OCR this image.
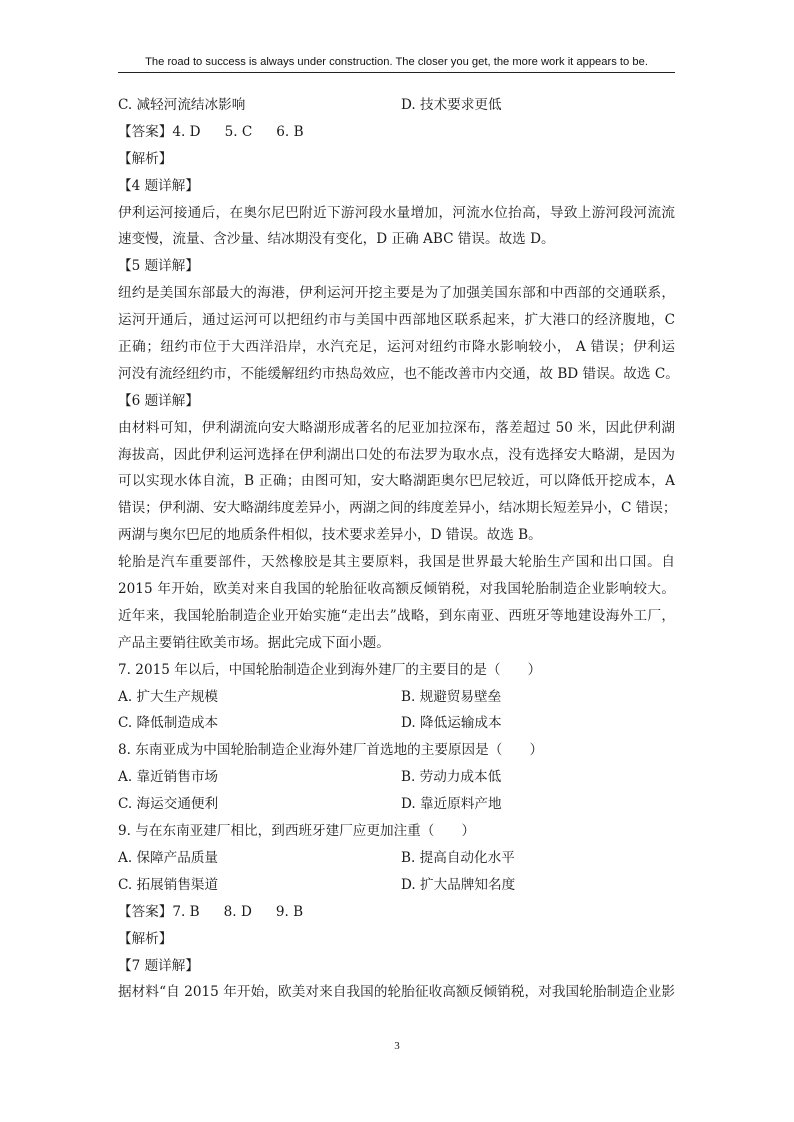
The road to success is always under construction. The closer you get, the more work it appears to be.
C. 减轻河流结冰影响	D. 技术要求更低
【答案】4. D 5. C 6. B
【解析】
【4 题详解】
伊利运河接通后，在奥尔尼巴附近下游河段水量增加，河流水位抬高，导致上游河段河流流
速变慢，流量、含沙量、结冰期没有变化，D 正确 ABC 错误。故选 D。
【5 题详解】
纽约是美国东部最大的海港，伊利运河开挖主要是为了加强美国东部和中西部的交通联系，
运河开通后，通过运河可以把纽约市与美国中西部地区联系起来，扩大港口的经济腹地，C
正确；纽约市位于大西洋沿岸，水汽充足，运河对纽约市降水影响较小， A 错误；伊利运
河没有流经纽约市，不能缓解纽约市热岛效应，也不能改善市内交通，故 BD 错误。故选 C。
【6 题详解】
由材料可知，伊利湖流向安大略湖形成著名的尼亚加拉深布，落差超过 50 米，因此伊利湖
海拔高，因此伊利运河选择在伊利湖出口处的布法罗为取水点，没有选择安大略湖，是因为
可以实现水体自流，B 正确；由图可知，安大略湖距奥尔巴尼较近，可以降低开挖成本，A
错误；伊利湖、安大略湖纬度差异小，两湖之间的纬度差异小，结冰期长短差异小，C 错误；
两湖与奥尔巴尼的地质条件相似，技术要求差异小，D 错误。故选 B。
轮胎是汽车重要部件，天然橡胶是其主要原料，我国是世界最大轮胎生产国和出口国。自
2015 年开始，欧美对来自我国的轮胎征收高额反倾销税，对我国轮胎制造企业影响较大。
近年来，我国轮胎制造企业开始实施“走出去”战略，到东南亚、西班牙等地建设海外工厂，
产品主要销往欧美市场。据此完成下面小题。
7. 2015 年以后，中国轮胎制造企业到海外建厂的主要目的是（　　）
A. 扩大生产规模	B. 规避贸易壁垒
C. 降低制造成本	D. 降低运输成本
8. 东南亚成为中国轮胎制造企业海外建厂首选地的主要原因是（　　）
A. 靠近销售市场	B. 劳动力成本低
C. 海运交通便利	D. 靠近原料产地
9. 与在东南亚建厂相比，到西班牙建厂应更加注重（　　）
A. 保障产品质量	B. 提高自动化水平
C. 拓展销售渠道	D. 扩大品牌知名度
【答案】7. B 8. D 9. B
【解析】
【7 题详解】
据材料“自 2015 年开始，欧美对来自我国的轮胎征收高额反倾销税，对我国轮胎制造企业影
3
